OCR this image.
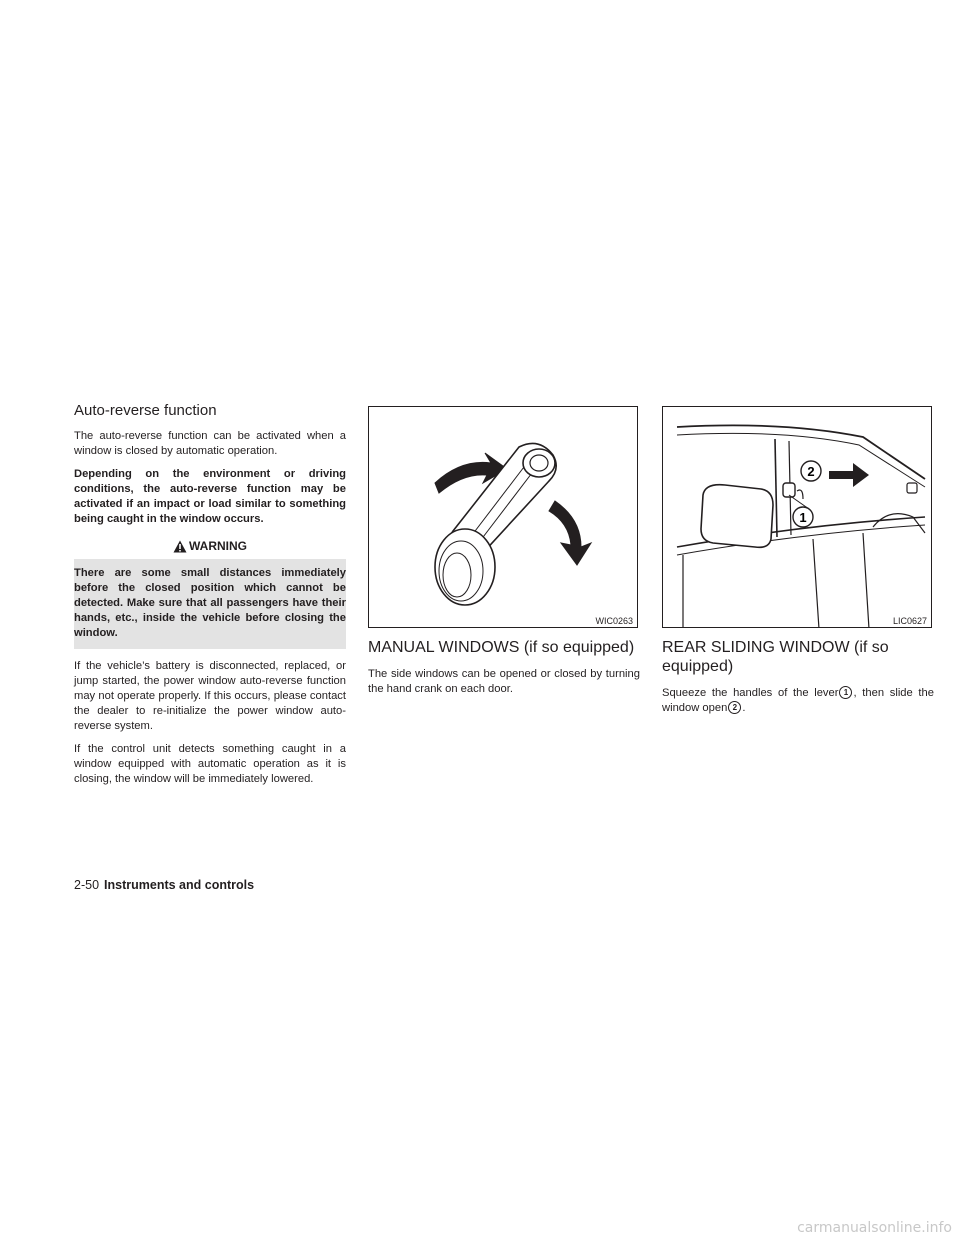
Auto-reverse function

The auto-reverse function can be activated when a window is closed by automatic operation.

Depending on the environment or driving conditions, the auto-reverse function may be activated if an impact or load similar to something being caught in the window occurs.

WARNING
There are some small distances immediately before the closed position which cannot be detected. Make sure that all passengers have their hands, etc., inside the vehicle before closing the window.

If the vehicle’s battery is disconnected, replaced, or jump started, the power window auto-reverse function may not operate properly. If this occurs, please contact the dealer to re-initialize the power window auto-reverse system.

If the control unit detects something caught in a window equipped with automatic operation as it is closing, the window will be immediately lowered.

WIC0263
MANUAL WINDOWS (if so equipped)

The side windows can be opened or closed by turning the hand crank on each door.

2
1
LIC0627
REAR SLIDING WINDOW (if so equipped)

Squeeze the handles of the lever 1 , then slide the window open 2 .

2-50 Instruments and controls
carmanualsonline.info
